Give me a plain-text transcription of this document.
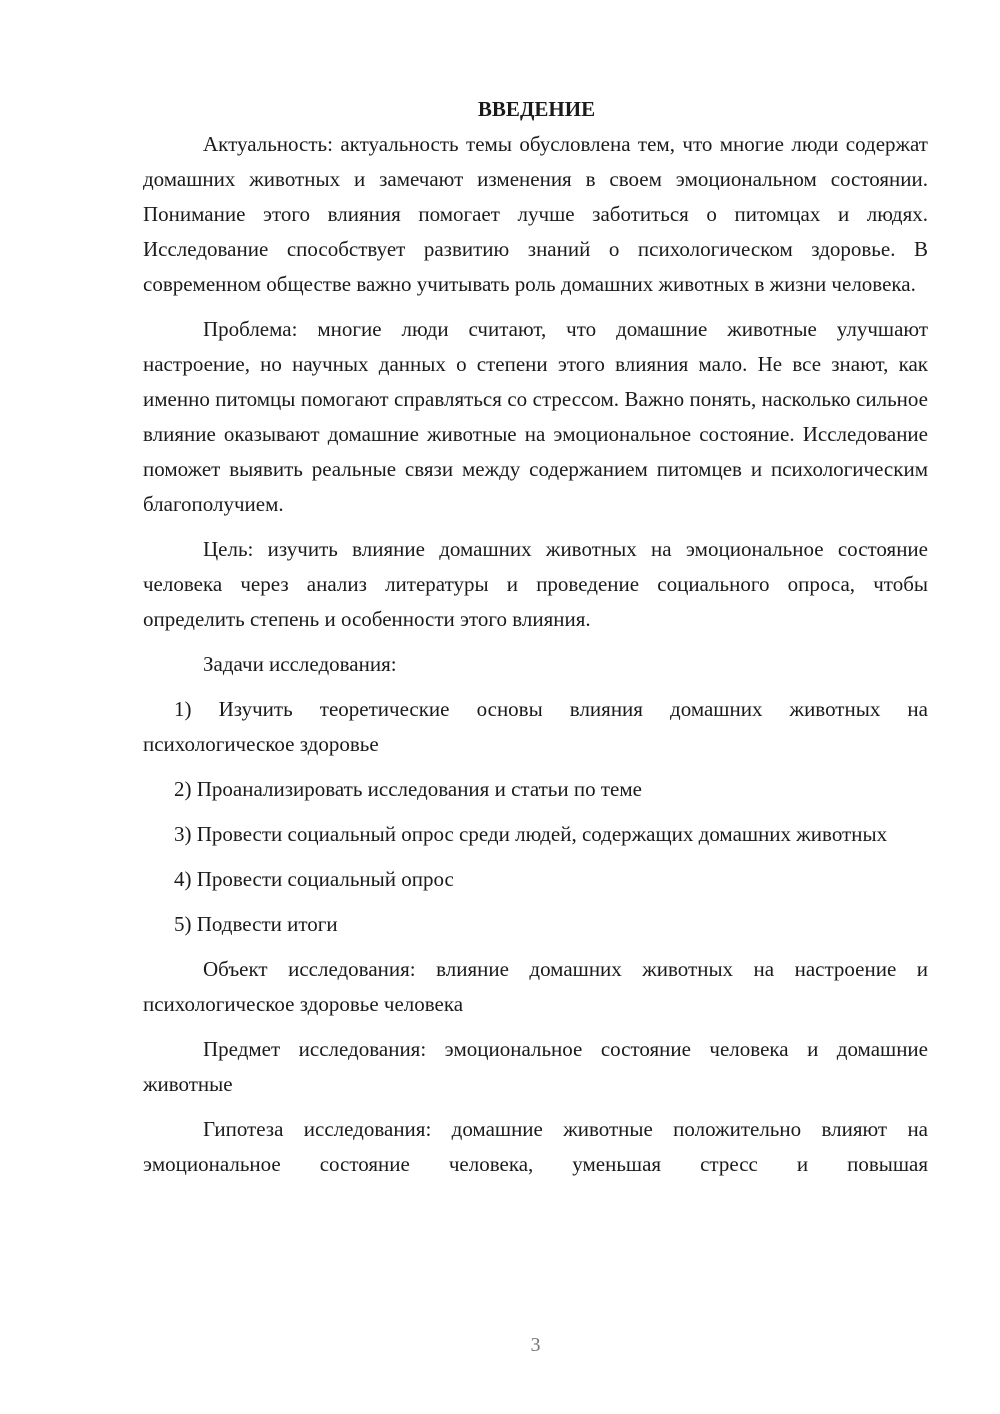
ВВЕДЕНИЕ

Актуальность: актуальность темы обусловлена тем, что многие люди содержат домашних животных и замечают изменения в своем эмоциональном состоянии. Понимание этого влияния помогает лучше заботиться о питомцах и людях. Исследование способствует развитию знаний о психологическом здоровье. В современном обществе важно учитывать роль домашних животных в жизни человека.

Проблема: многие люди считают, что домашние животные улучшают настроение, но научных данных о степени этого влияния мало. Не все знают, как именно питомцы помогают справляться со стрессом. Важно понять, насколько сильное влияние оказывают домашние животные на эмоциональное состояние. Исследование поможет выявить реальные связи между содержанием питомцев и психологическим благополучием.

Цель: изучить влияние домашних животных на эмоциональное состояние человека через анализ литературы и проведение социального опроса, чтобы определить степень и особенности этого влияния.

Задачи исследования:

1) Изучить теоретические основы влияния домашних животных на психологическое здоровье

2) Проанализировать исследования и статьи по теме

3) Провести социальный опрос среди людей, содержащих домашних животных

4) Провести социальный опрос

5) Подвести итоги

Объект исследования: влияние домашних животных на настроение и психологическое здоровье человека

Предмет исследования: эмоциональное состояние человека и домашние животные

Гипотеза исследования: домашние животные положительно влияют на эмоциональное состояние человека, уменьшая стресс и повышая

3
